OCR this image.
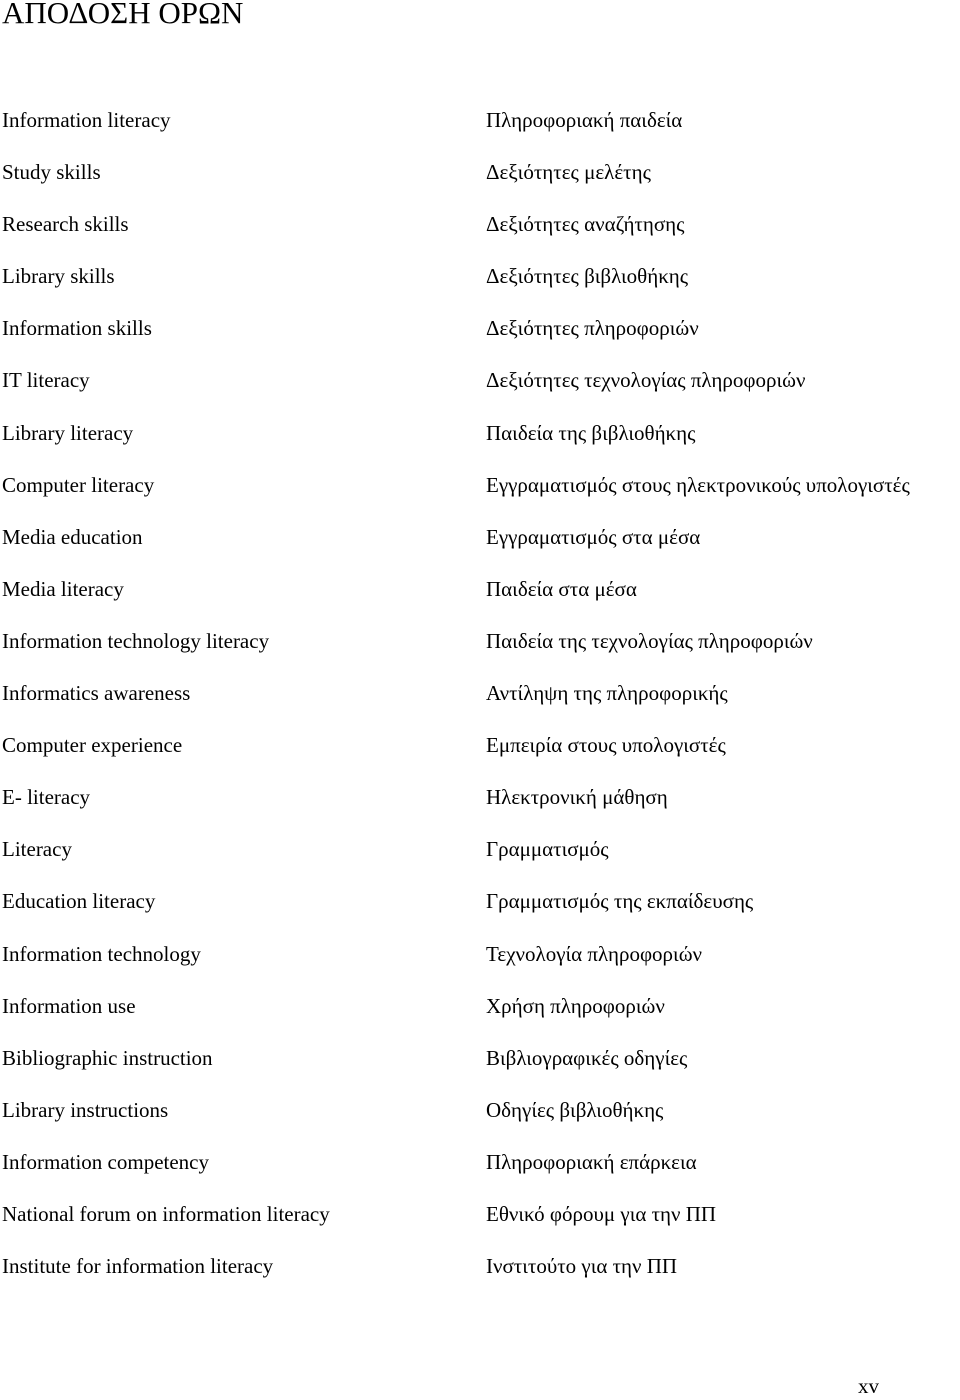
ΑΠΟΔΟΣΗ ΟΡΩΝ
Information literacy	Πληροφοριακή παιδεία
Study skills	Δεξιότητες μελέτης
Research skills	Δεξιότητες αναζήτησης
Library skills	Δεξιότητες βιβλιοθήκης
Information skills	Δεξιότητες πληροφοριών
IT literacy	Δεξιότητες τεχνολογίας πληροφοριών
Library literacy	Παιδεία της βιβλιοθήκης
Computer literacy	Εγγραματισμός στους ηλεκτρονικούς υπολογιστές
Media education	Εγγραματισμός στα μέσα
Media literacy	Παιδεία στα μέσα
Information technology literacy	Παιδεία της τεχνολογίας πληροφοριών
Informatics awareness	Αντίληψη της πληροφορικής
Computer experience	Εμπειρία στους υπολογιστές
E- literacy	Ηλεκτρονική μάθηση
Literacy	Γραμματισμός
Education literacy	Γραμματισμός της εκπαίδευσης
Information technology	Τεχνολογία πληροφοριών
Information use	Χρήση πληροφοριών
Bibliographic instruction	Βιβλιογραφικές οδηγίες
Library instructions	Οδηγίες βιβλιοθήκης
Information competency	Πληροφοριακή επάρκεια
National forum on information literacy	Εθνικό φόρουμ για την ΠΠ
Institute for information literacy	Ινστιτούτο για την ΠΠ
xv
